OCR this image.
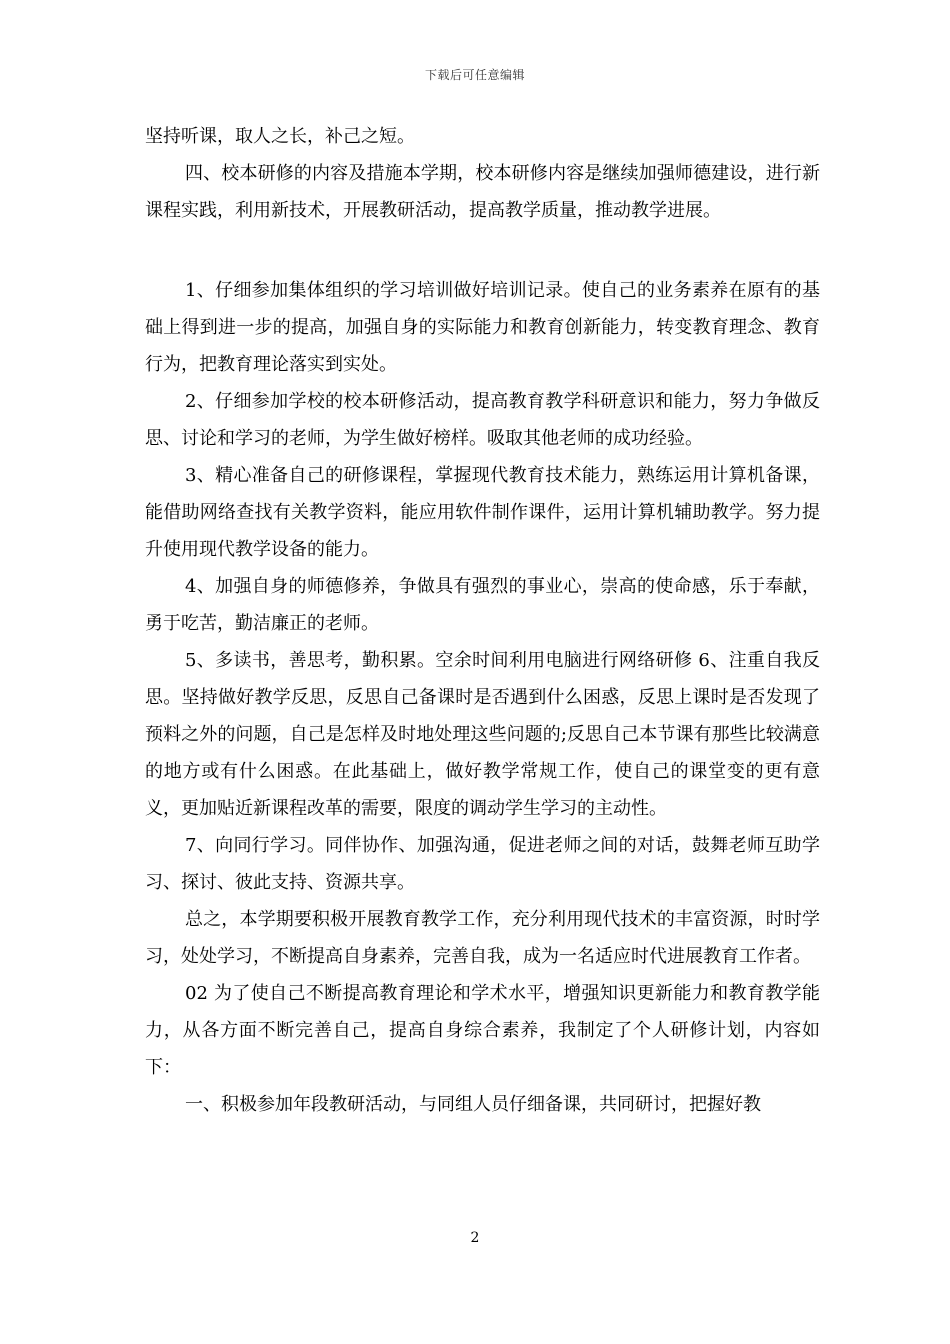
下载后可任意编辑

坚持听课，取人之长，补己之短。

四、校本研修的内容及措施本学期，校本研修内容是继续加强师德建设，进行新课程实践，利用新技术，开展教研活动，提高教学质量，推动教学进展。

1、仔细参加集体组织的学习培训做好培训记录。使自己的业务素养在原有的基础上得到进一步的提高，加强自身的实际能力和教育创新能力，转变教育理念、教育行为，把教育理论落实到实处。

2、仔细参加学校的校本研修活动，提高教育教学科研意识和能力，努力争做反思、讨论和学习的老师，为学生做好榜样。吸取其他老师的成功经验。

3、精心准备自己的研修课程，掌握现代教育技术能力，熟练运用计算机备课，能借助网络查找有关教学资料，能应用软件制作课件，运用计算机辅助教学。努力提升使用现代教学设备的能力。

4、加强自身的师德修养，争做具有强烈的事业心，崇高的使命感，乐于奉献，勇于吃苦，勤洁廉正的老师。

5、多读书，善思考，勤积累。空余时间利用电脑进行网络研修 6、注重自我反思。坚持做好教学反思，反思自己备课时是否遇到什么困惑，反思上课时是否发现了预料之外的问题，自己是怎样及时地处理这些问题的;反思自己本节课有那些比较满意的地方或有什么困惑。在此基础上，做好教学常规工作，使自己的课堂变的更有意义，更加贴近新课程改革的需要，限度的调动学生学习的主动性。

7、向同行学习。同伴协作、加强沟通，促进老师之间的对话，鼓舞老师互助学习、探讨、彼此支持、资源共享。

总之，本学期要积极开展教育教学工作，充分利用现代技术的丰富资源，时时学习，处处学习，不断提高自身素养，完善自我，成为一名适应时代进展教育工作者。

02 为了使自己不断提高教育理论和学术水平，增强知识更新能力和教育教学能力，从各方面不断完善自己，提高自身综合素养，我制定了个人研修计划，内容如下：

一、积极参加年段教研活动，与同组人员仔细备课，共同研讨，把握好教

2
